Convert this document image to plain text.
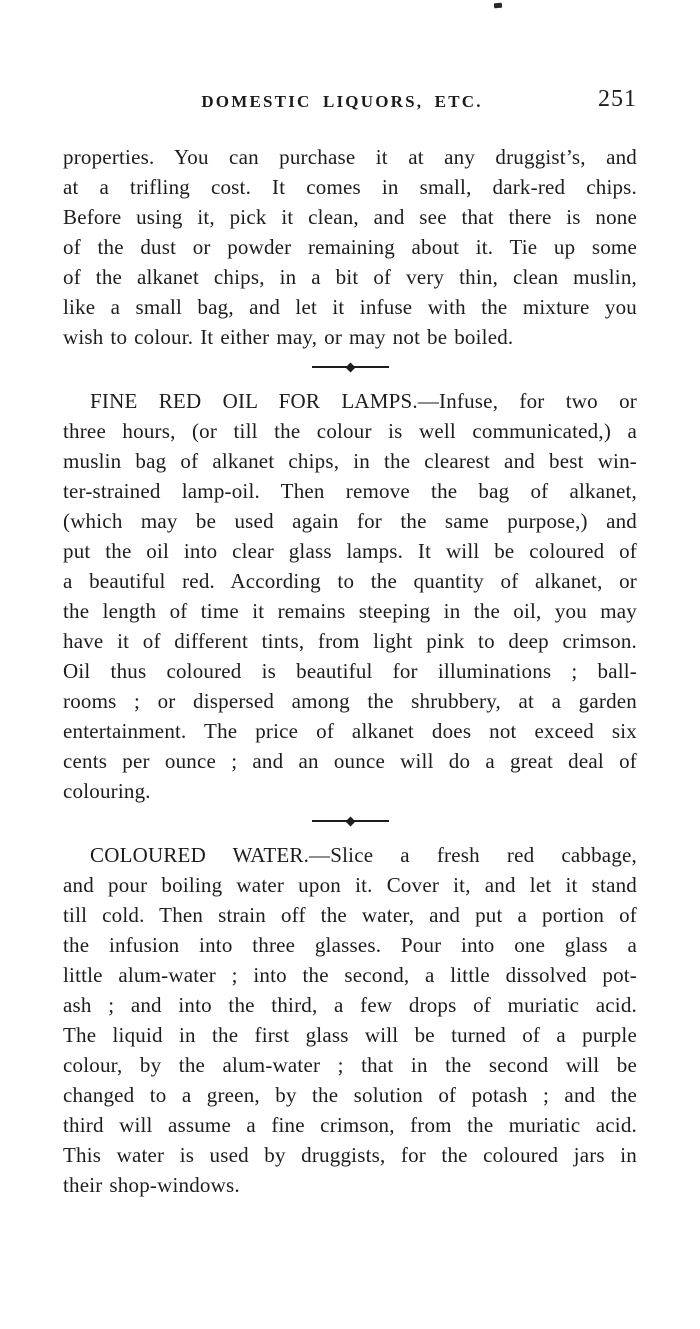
DOMESTIC LIQUORS, ETC.	251
properties. You can purchase it at any druggist’s, and
at a trifling cost. It comes in small, dark-red chips.
Before using it, pick it clean, and see that there is none
of the dust or powder remaining about it. Tie up some
of the alkanet chips, in a bit of very thin, clean muslin,
like a small bag, and let it infuse with the mixture you
wish to colour. It either may, or may not be boiled.
FINE RED OIL FOR LAMPS.—Infuse, for two or
three hours, (or till the colour is well communicated,) a
muslin bag of alkanet chips, in the clearest and best win-
ter-strained lamp-oil. Then remove the bag of alkanet,
(which may be used again for the same purpose,) and
put the oil into clear glass lamps. It will be coloured of
a beautiful red. According to the quantity of alkanet, or
the length of time it remains steeping in the oil, you may
have it of different tints, from light pink to deep crimson.
Oil thus coloured is beautiful for illuminations ; ball-
rooms ; or dispersed among the shrubbery, at a garden
entertainment. The price of alkanet does not exceed six
cents per ounce ; and an ounce will do a great deal of
colouring.
COLOURED WATER.—Slice a fresh red cabbage,
and pour boiling water upon it. Cover it, and let it stand
till cold. Then strain off the water, and put a portion of
the infusion into three glasses. Pour into one glass a
little alum-water ; into the second, a little dissolved pot-
ash ; and into the third, a few drops of muriatic acid.
The liquid in the first glass will be turned of a purple
colour, by the alum-water ; that in the second will be
changed to a green, by the solution of potash ; and the
third will assume a fine crimson, from the muriatic acid.
This water is used by druggists, for the coloured jars in
their shop-windows.
